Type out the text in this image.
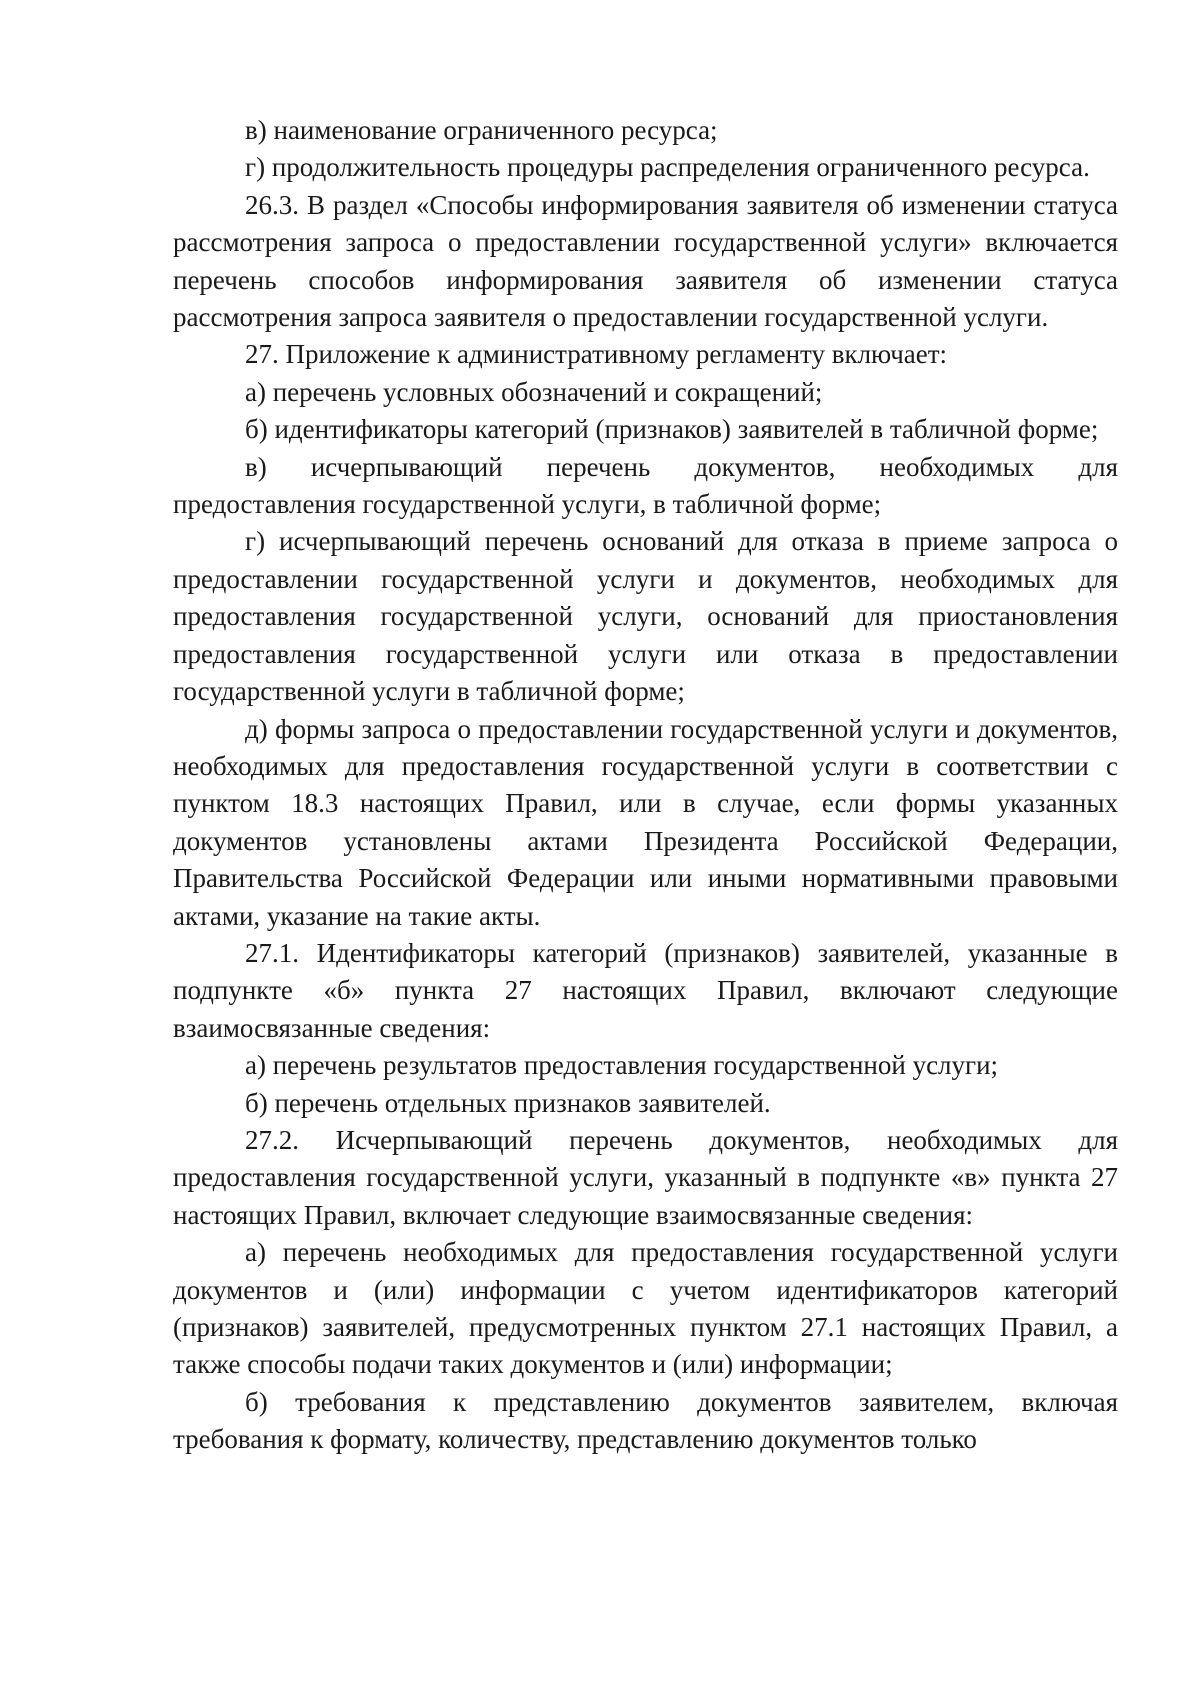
в) наименование ограниченного ресурса;

г) продолжительность процедуры распределения ограниченного ресурса.

26.3. В раздел «Способы информирования заявителя об изменении статуса рассмотрения запроса о предоставлении государственной услуги» включается перечень способов информирования заявителя об изменении статуса рассмотрения запроса заявителя о предоставлении государственной услуги.

27. Приложение к административному регламенту включает:

а) перечень условных обозначений и сокращений;

б) идентификаторы категорий (признаков) заявителей в табличной форме;

в) исчерпывающий перечень документов, необходимых для предоставления государственной услуги, в табличной форме;

г) исчерпывающий перечень оснований для отказа в приеме запроса о предоставлении государственной услуги и документов, необходимых для предоставления государственной услуги, оснований для приостановления предоставления государственной услуги или отказа в предоставлении государственной услуги в табличной форме;

д) формы запроса о предоставлении государственной услуги и документов, необходимых для предоставления государственной услуги в соответствии с пунктом 18.3 настоящих Правил, или в случае, если формы указанных документов установлены актами Президента Российской Федерации, Правительства Российской Федерации или иными нормативными правовыми актами, указание на такие акты.

27.1. Идентификаторы категорий (признаков) заявителей, указанные в подпункте «б» пункта 27 настоящих Правил, включают следующие взаимосвязанные сведения:

а) перечень результатов предоставления государственной услуги;

б) перечень отдельных признаков заявителей.

27.2. Исчерпывающий перечень документов, необходимых для предоставления государственной услуги, указанный в подпункте «в» пункта 27 настоящих Правил, включает следующие взаимосвязанные сведения:

а) перечень необходимых для предоставления государственной услуги документов и (или) информации с учетом идентификаторов категорий (признаков) заявителей, предусмотренных пунктом 27.1 настоящих Правил, а также способы подачи таких документов и (или) информации;

б) требования к представлению документов заявителем, включая требования к формату, количеству, представлению документов только
